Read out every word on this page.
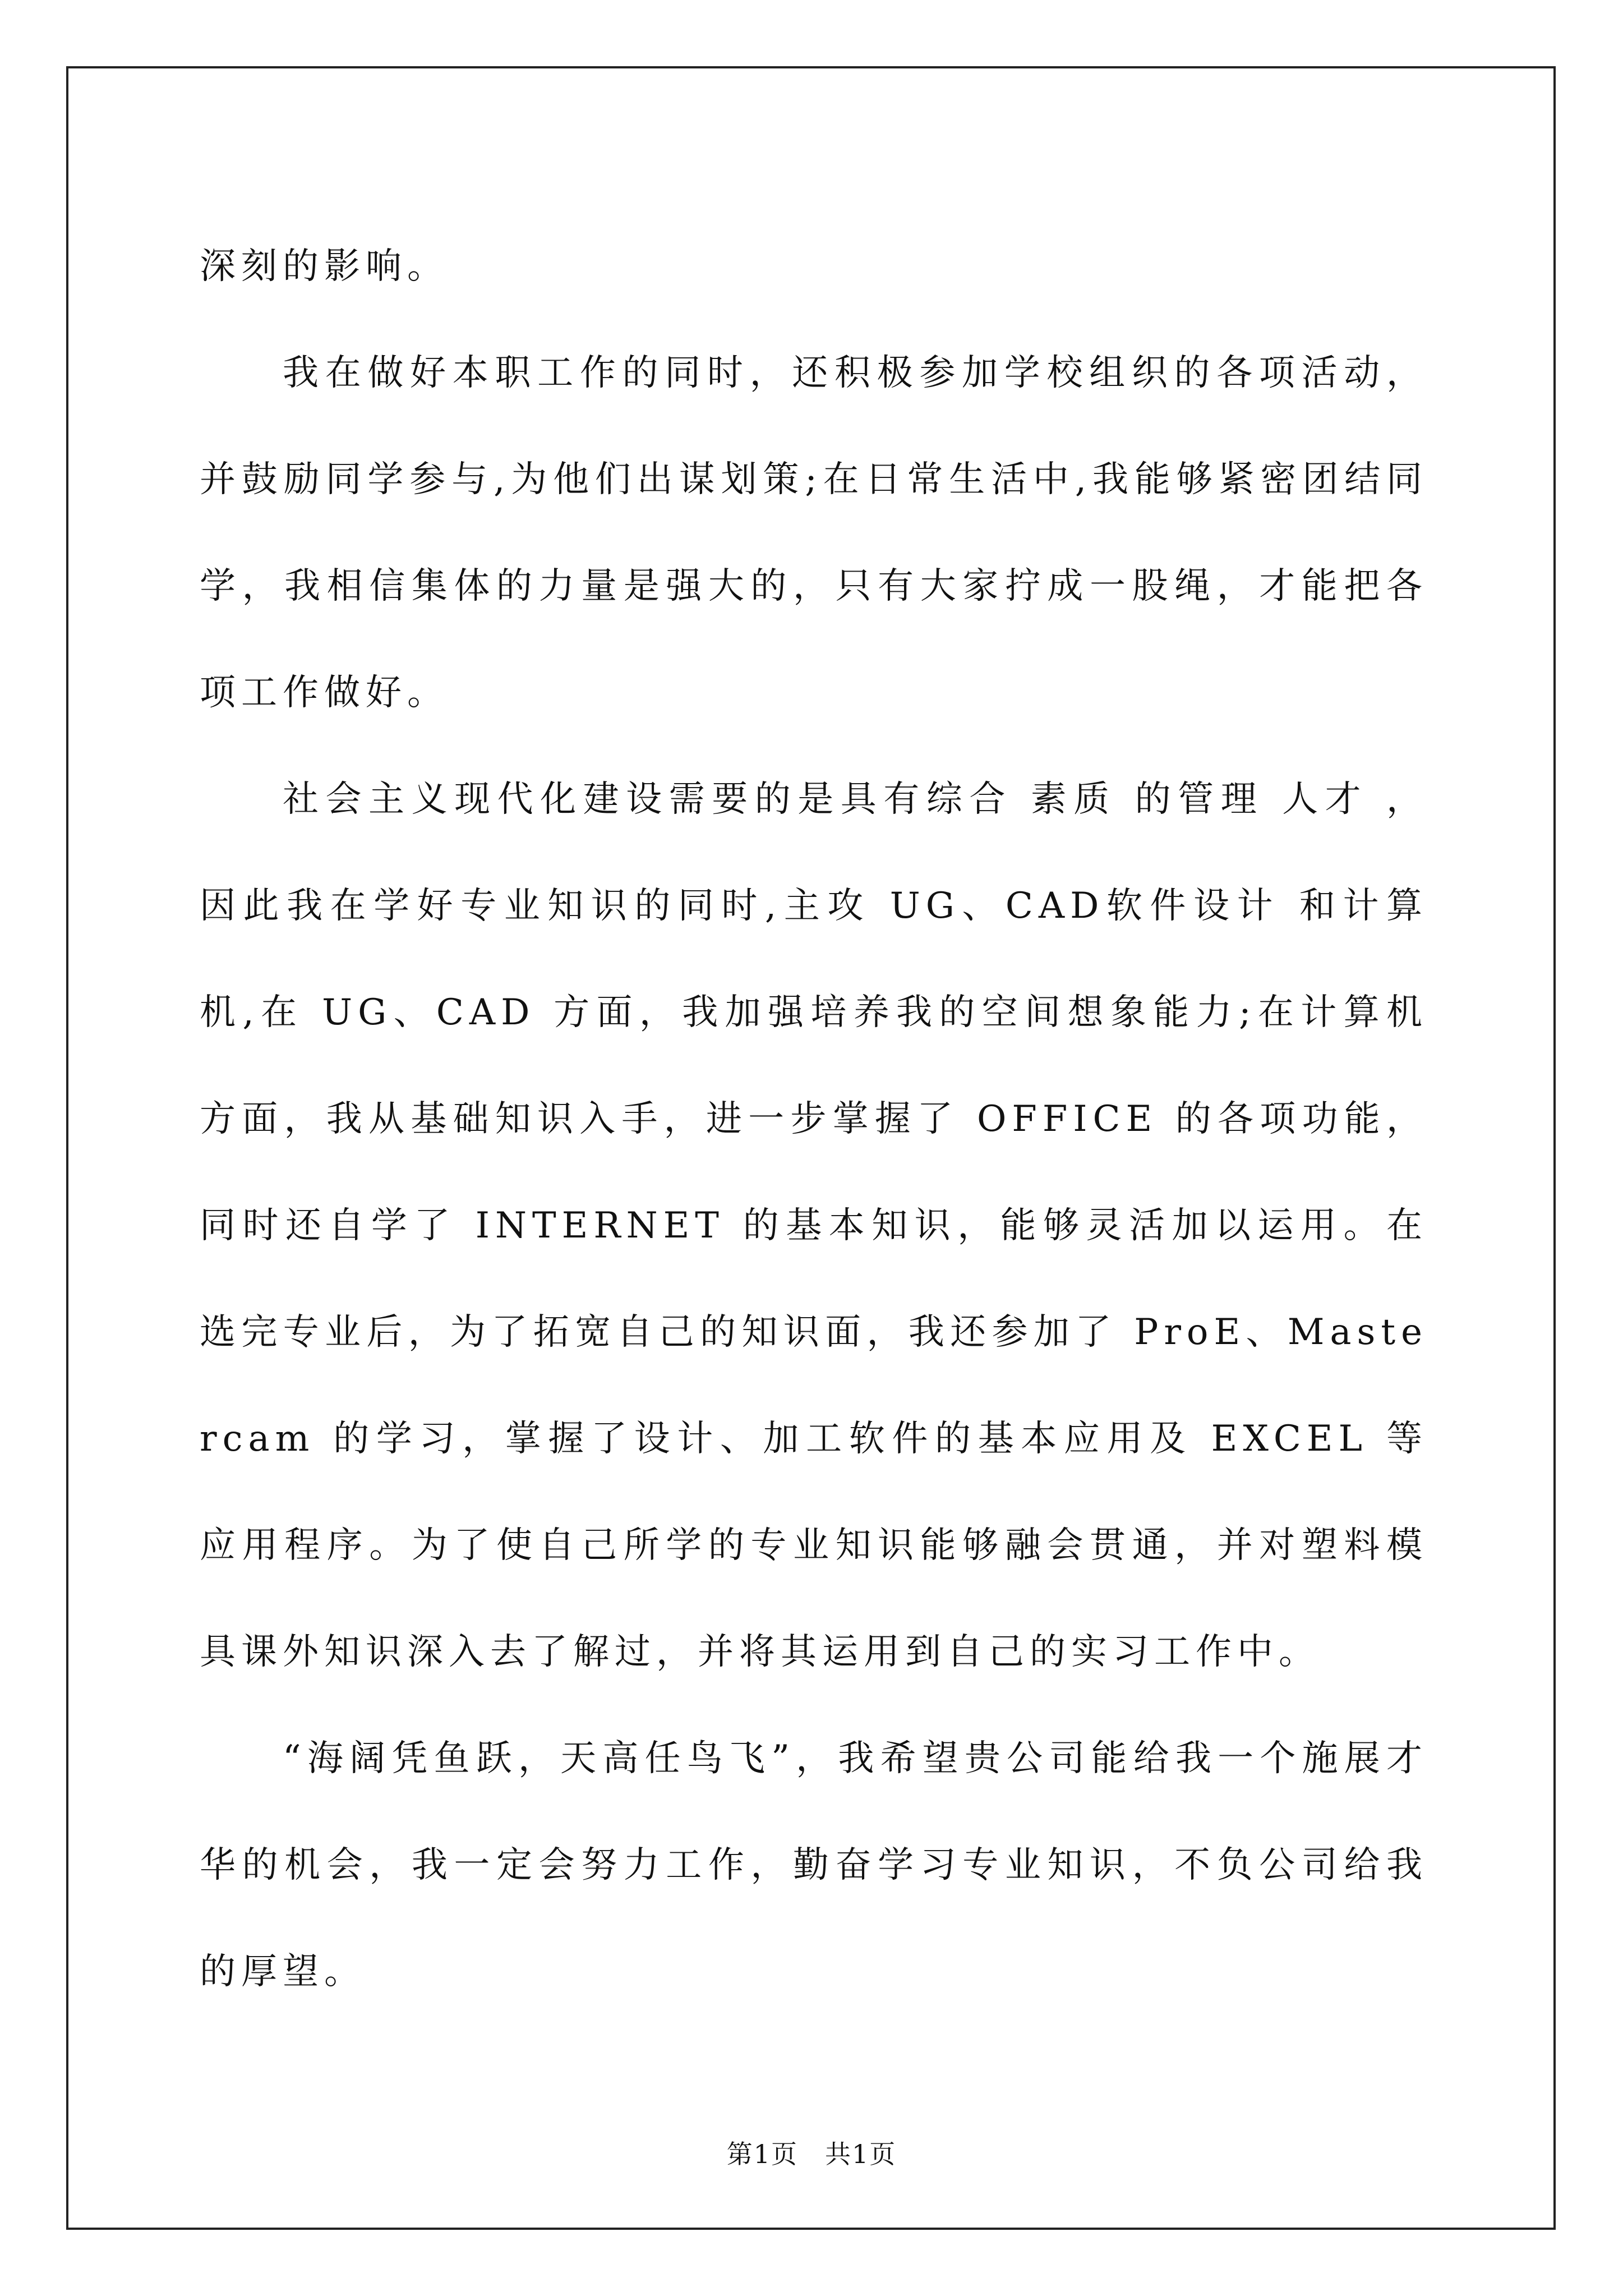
深刻的影响。

我在做好本职工作的同时，还积极参加学校组织的各项活动，并鼓励同学参与,为他们出谋划策;在日常生活中,我能够紧密团结同学，我相信集体的力量是强大的，只有大家拧成一股绳，才能把各项工作做好。

社会主义现代化建设需要的是具有综合 素质 的管理 人才 ，因此我在学好专业知识的同时,主攻 UG、CAD软件设计 和计算机,在 UG、CAD 方面，我加强培养我的空间想象能力;在计算机方面，我从基础知识入手，进一步掌握了 OFFICE 的各项功能，同时还自学了 INTERNET 的基本知识，能够灵活加以运用。在选完专业后，为了拓宽自己的知识面，我还参加了 ProE、Mastercam 的学习，掌握了设计、加工软件的基本应用及 EXCEL 等应用程序。为了使自己所学的专业知识能够融会贯通，并对塑料模具课外知识深入去了解过，并将其运用到自己的实习工作中。

“海阔凭鱼跃，天高任鸟飞”，我希望贵公司能给我一个施展才华的机会，我一定会努力工作，勤奋学习专业知识，不负公司给我的厚望。

第1页　共1页
